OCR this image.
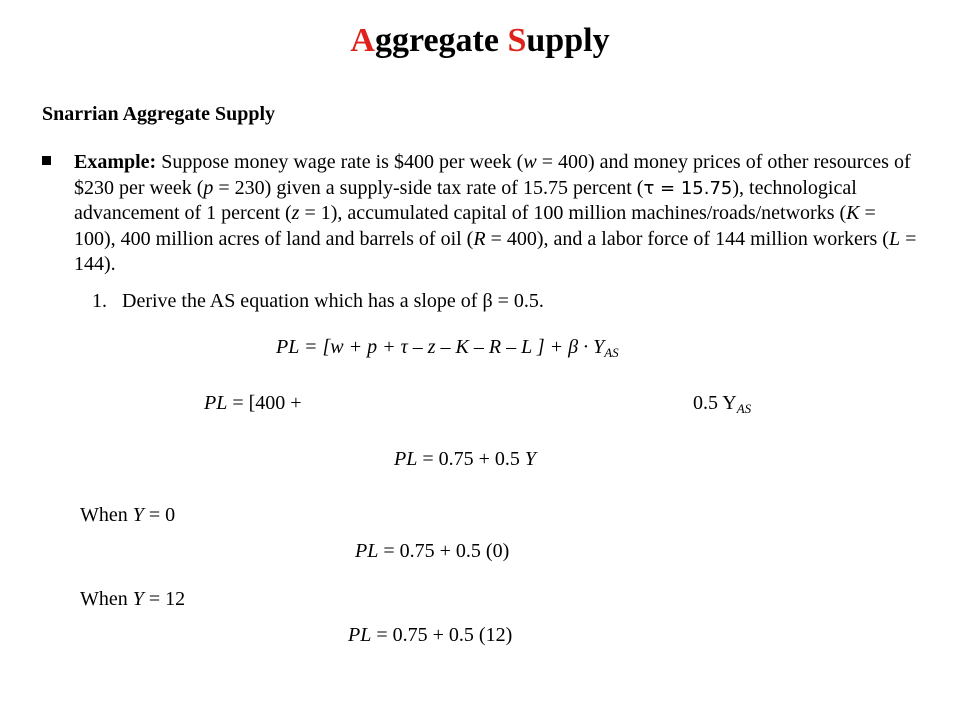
Aggregate Supply
Snarrian Aggregate Supply
Example: Suppose money wage rate is $400 per week (w = 400) and money prices of other resources of $230 per week (p = 230) given a supply-side tax rate of 15.75 percent (τ = 15.75), technological advancement of 1 percent (z = 1), accumulated capital of 100 million machines/roads/networks (K = 100), 400 million acres of land and barrels of oil (R = 400), and a labor force of 144 million workers (L = 144).
1. Derive the AS equation which has a slope of β = 0.5.
PL = [w + p + τ – z – K – R – L ] + $\beta \cdot Y_{AS}$
PL = [400 +	0.5 $Y_{AS}$
PL = 0.75 + 0.5 Y
When Y = 0
PL = 0.75 + 0.5 (0)
When Y = 12
PL = 0.75 + 0.5 (12)
